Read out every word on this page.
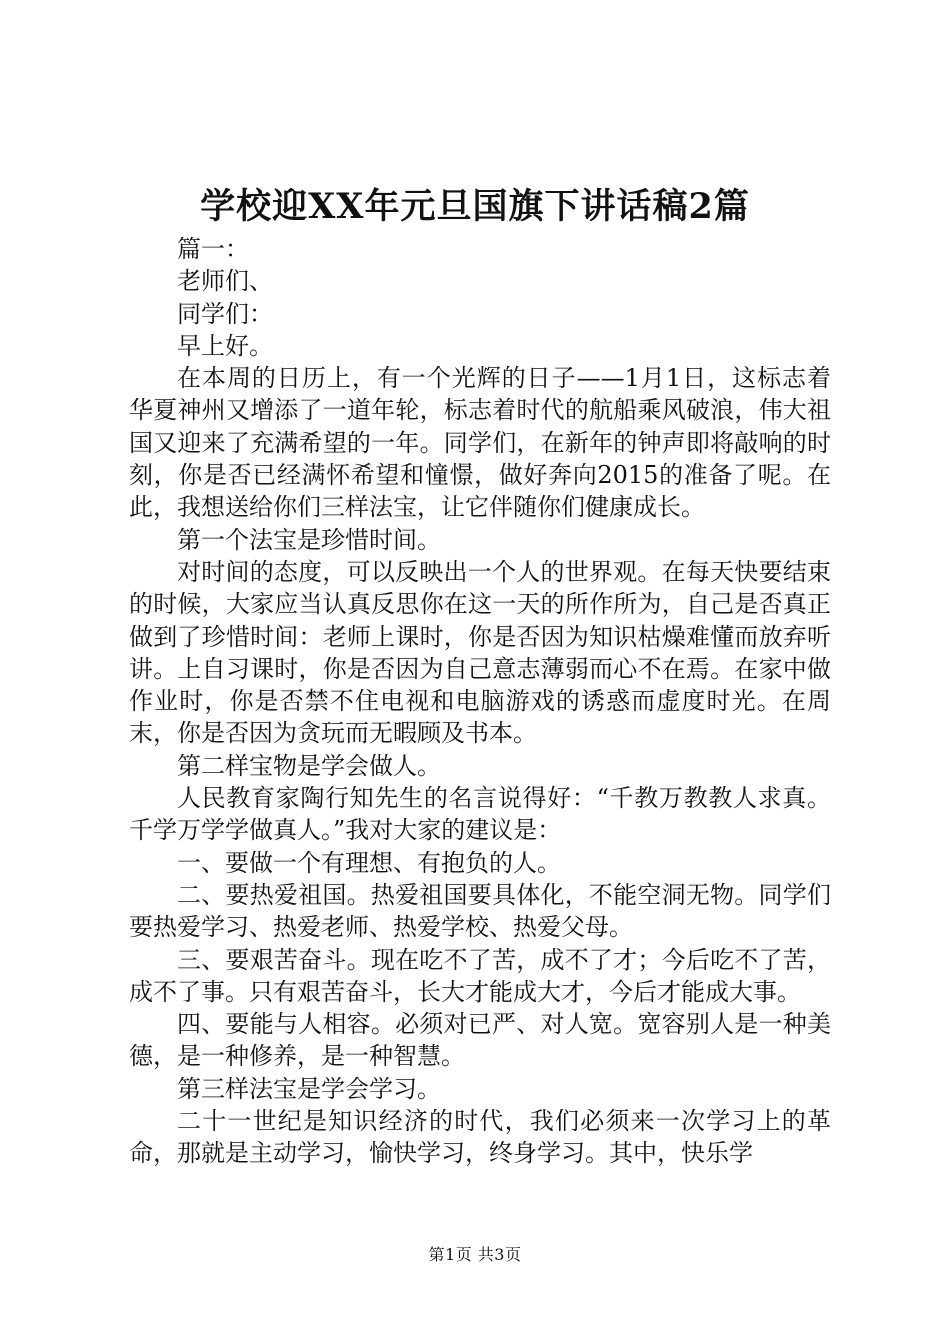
学校迎XX年元旦国旗下讲话稿2篇

篇一：

老师们、

同学们：

早上好。

在本周的日历上，有一个光辉的日子——1月1日，这标志着华夏神州又增添了一道年轮，标志着时代的航船乘风破浪，伟大祖国又迎来了充满希望的一年。同学们，在新年的钟声即将敲响的时刻，你是否已经满怀希望和憧憬，做好奔向2015的准备了呢。在此，我想送给你们三样法宝，让它伴随你们健康成长。

第一个法宝是珍惜时间。

对时间的态度，可以反映出一个人的世界观。在每天快要结束的时候，大家应当认真反思你在这一天的所作所为，自己是否真正做到了珍惜时间：老师上课时，你是否因为知识枯燥难懂而放弃听讲。上自习课时，你是否因为自己意志薄弱而心不在焉。在家中做作业时，你是否禁不住电视和电脑游戏的诱惑而虚度时光。在周末，你是否因为贪玩而无暇顾及书本。

第二样宝物是学会做人。

人民教育家陶行知先生的名言说得好：“千教万教教人求真。千学万学学做真人。”我对大家的建议是：

一、要做一个有理想、有抱负的人。

二、要热爱祖国。热爱祖国要具体化，不能空洞无物。同学们要热爱学习、热爱老师、热爱学校、热爱父母。

三、要艰苦奋斗。现在吃不了苦，成不了才；今后吃不了苦，成不了事。只有艰苦奋斗，长大才能成大才，今后才能成大事。

四、要能与人相容。必须对已严、对人宽。宽容别人是一种美德，是一种修养，是一种智慧。

第三样法宝是学会学习。

二十一世纪是知识经济的时代，我们必须来一次学习上的革命，那就是主动学习，愉快学习，终身学习。其中，快乐学

第1页 共3页
